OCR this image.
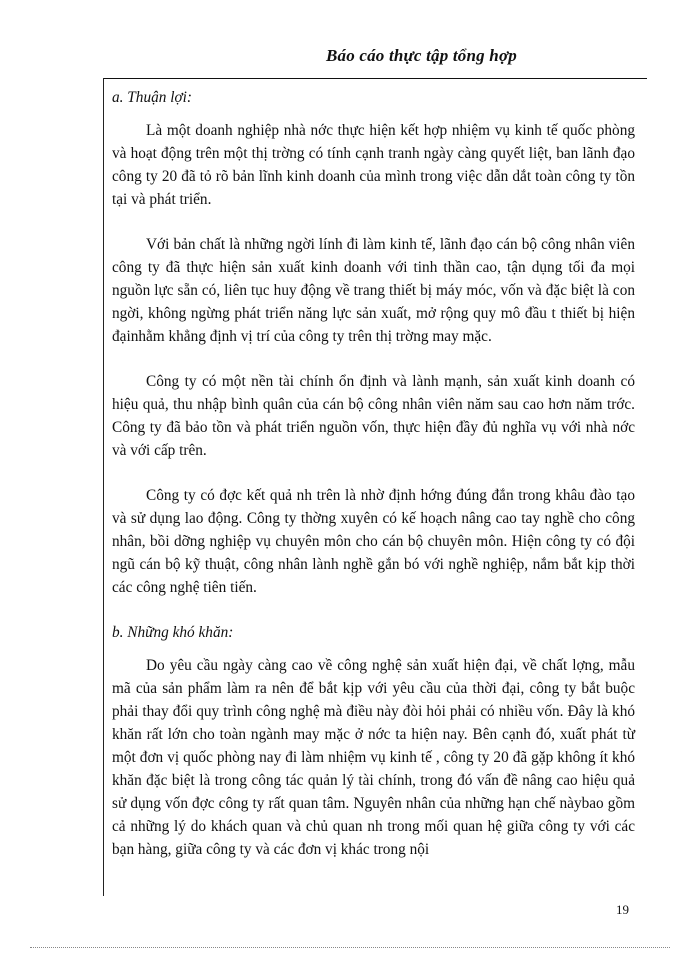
Báo cáo thực tập tổng hợp
a. Thuận lợi:

Là một doanh nghiệp nhà nớc thực hiện kết hợp nhiệm vụ kinh tế quốc phòng và hoạt động trên một thị trờng có tính cạnh tranh ngày càng quyết liệt, ban lãnh đạo công ty 20 đã tỏ rõ bản lĩnh kinh doanh của mình trong việc dẫn dắt toàn công ty tồn tại và phát triển.

Với bản chất là những ngời lính đi làm kinh tế, lãnh đạo cán bộ công nhân viên công ty đã thực hiện sản xuất kinh doanh với tinh thần cao, tận dụng tối đa mọi nguồn lực sẵn có, liên tục huy động về trang thiết bị máy móc, vốn và đặc biệt là con ngời, không ngừng phát triển năng lực sản xuất, mở rộng quy mô đầu t thiết bị hiện đạinhằm khẳng định vị trí của công ty trên thị trờng may mặc.

Công ty có một nền tài chính ổn định và lành mạnh, sản xuất kinh doanh có hiệu quả, thu nhập bình quân của cán bộ công nhân viên năm sau cao hơn năm trớc. Công ty đã bảo tồn và phát triển nguồn vốn, thực hiện đầy đủ nghĩa vụ với nhà nớc và với cấp trên.

Công ty có đợc kết quả nh trên là nhờ định hớng đúng đắn trong khâu đào tạo và sử dụng lao động. Công ty thờng xuyên có kế hoạch nâng cao tay nghề cho công nhân, bồi dỡng nghiệp vụ chuyên môn cho cán bộ chuyên môn. Hiện công ty có đội ngũ cán bộ kỹ thuật, công nhân lành nghề gắn bó với nghề nghiệp, nắm bắt kịp thời các công nghệ tiên tiến.

b. Những khó khăn:

Do yêu cầu ngày càng cao về công nghệ sản xuất hiện đại, về chất lợng, mẫu mã của sản phẩm làm ra nên để bắt kịp với yêu cầu của thời đại, công ty bắt buộc phải thay đổi quy trình công nghệ mà điều này đòi hỏi phải có nhiều vốn. Đây là khó khăn rất lớn cho toàn ngành may mặc ở nớc ta hiện nay. Bên cạnh đó, xuất phát từ một đơn vị quốc phòng nay đi làm nhiệm vụ kinh tế , công ty 20 đã gặp không ít khó khăn đặc biệt là trong công tác quản lý tài chính, trong đó vấn đề nâng cao hiệu quả sử dụng vốn đợc công ty rất quan tâm. Nguyên nhân của những hạn chế nàybao gồm cả những lý do khách quan và chủ quan nh trong mối quan hệ giữa công ty với các bạn hàng, giữa công ty và các đơn vị khác trong nội

19
